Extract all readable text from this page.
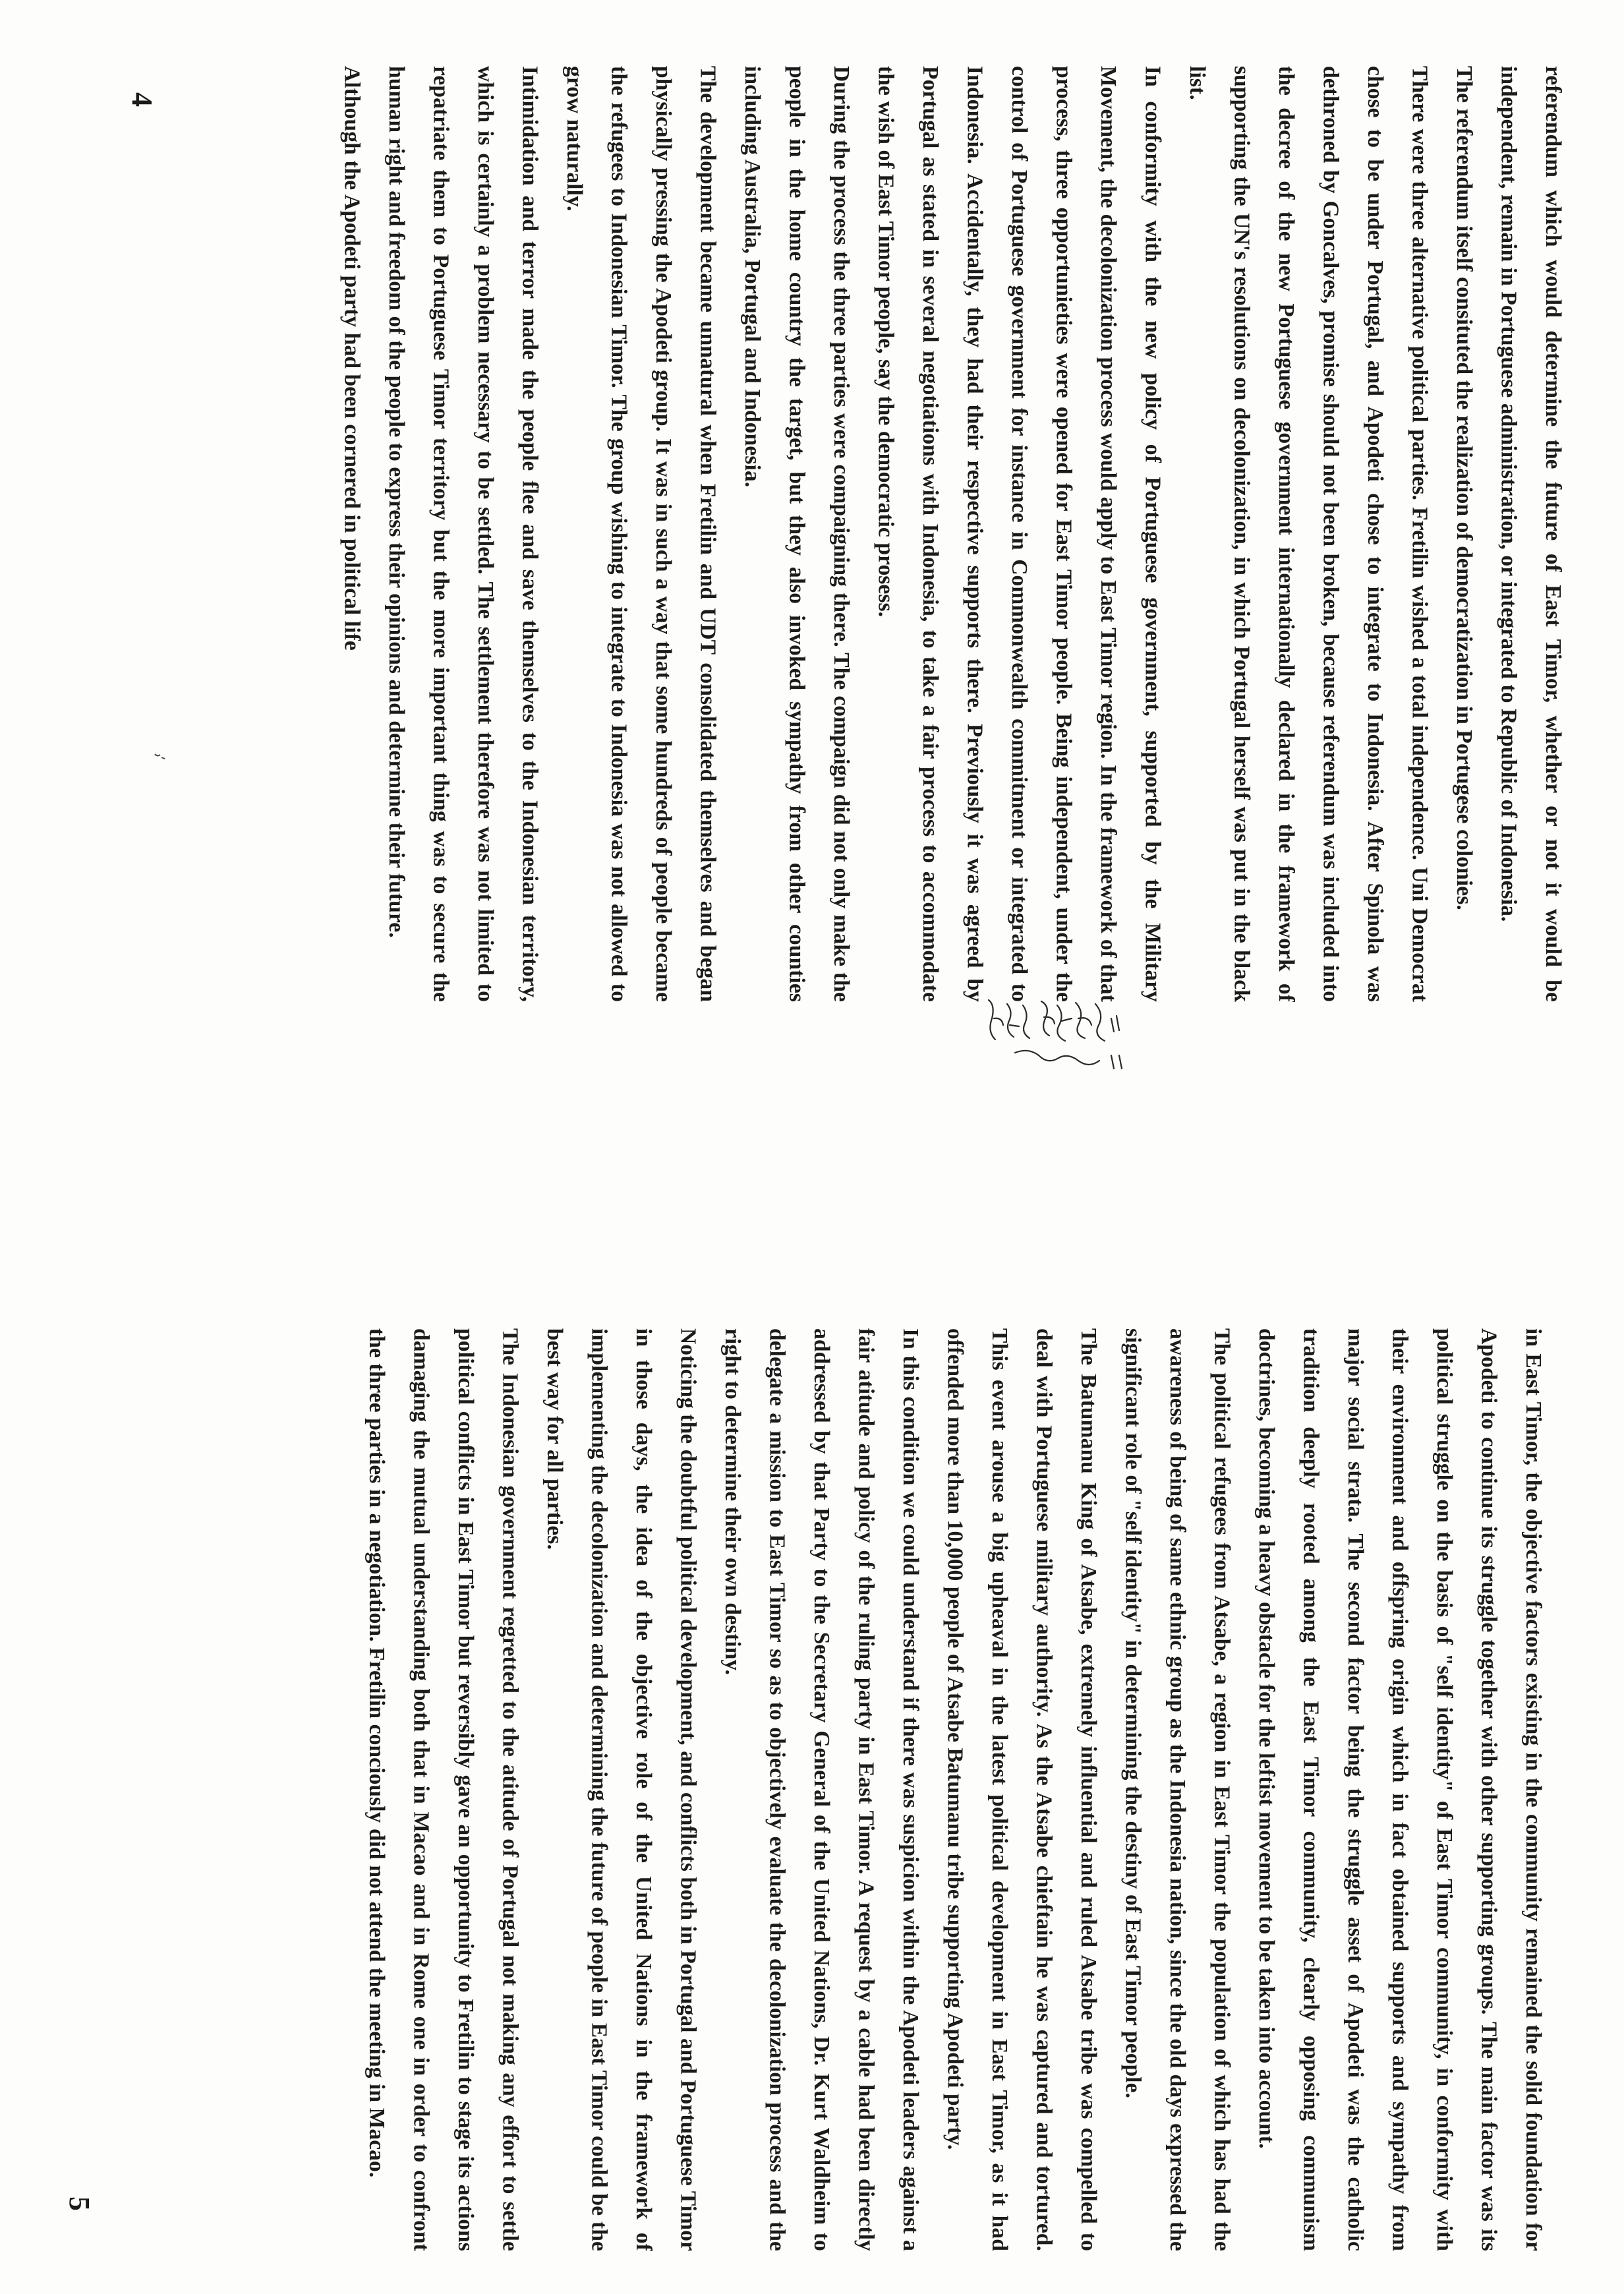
referendum which would determine the future of East Timor, whether or not it would be independent, remain in Portuguese administration, or integrated to Republic of Indonesia.

The referendum itself consituted the realization of democratization in Portugese colonies.

There were three alternative political parties. Fretilin wished a total independence. Uni Democrat chose to be under Portugal, and Apodeti chose to integrate to Indonesia. After Spinola was dethroned by Goncalves, promise should not been broken, because referendum was included into the decree of the new Portuguese government internationally declared in the framework of supporting the UN's resolutions on decolonization, in which Portugal herself was put in the black list.

In conformity with the new policy of Portuguese government, supported by the Military Movement, the decolonization process would apply to East Timor region. In the framework of that process, three opportunieties were opened for East Timor people. Being independent, under the control of Portuguese government for instance in Commonwealth commitment or integrated to Indonesia. Accidentally, they had their respective supports there. Previously it was agreed by Portugal as stated in several negotiations with Indonesia, to take a fair process to accommodate the wish of East Timor people, say the democratic prosess.

During the process the three parties were compaigning there. The compaign did not only make the people in the home country the target, but they also invoked sympathy from other counties including Australia, Portugal and Indonesia.

The development became unnatural when Fretilin and UDT consolidated themselves and began physically pressing the Apodeti group. It was in such a way that some hundreds of people became the refugees to Indonesian Timor. The group wishing to integrate to Indonesia was not allowed to grow naturally.

Intimidation and terror made the people flee and save themselves to the Indonesian territory, which is certainly a problem necessary to be settled. The settlement therefore was not limited to repatriate them to Portuguese Timor territory but the more important thing was to secure the human right and freedom of the people to express their opinions and determine their future.

Although the Apodeti party had been cornered in political life

4

in East Timor, the objective factors existing in the community remained the solid foundation for Apodeti to continue its struggle together with other supporting groups. The main factor was its political struggle on the basis of "self identity" of East Timor community, in conformity with their environment and offspring origin which in fact obtained supports and sympathy from major social strata. The second factor being the struggle asset of Apodeti was the catholic tradition deeply rooted among the East Timor community, clearly opposing communism doctrines, becoming a heavy obstacle for the leftist movement to be taken into account.

The political refugees from Atsabe, a region in East Timor the population of which has had the awareness of being of same ethnic group as the Indonesia nation, since the old days expressed the significant role of "self identity" in determining the destiny of East Timor people.

The Batumanu King of Atsabe, extremely influential and ruled Atsabe tribe was compelled to deal with Portuguese military authority. As the Atsabe chieftain he was captured and tortured. This event arouse a big upheaval in the latest political development in East Timor, as it had offended more than 10,000 people of Atsabe Batumanu tribe supporting Apodeti party.

In this condition we could understand if there was suspicion within the Apodeti leaders against a fair atitude and policy of the ruling party in East Timor. A request by a cable had been directly addressed by that Party to the Secretary General of the United Nations, Dr. Kurt Waldheim to delegate a mission to East Timor so as to objectively evaluate the decolonization process and the right to determine their own destiny.

Noticing the doubtful political development, and conflicts both in Portugal and Portuguese Timor in those days, the idea of the objective role of the United Nations in the framework of implementing the decolonization and determining the future of people in East Timor could be the best way for all parties.

The Indonesian government regretted to the atitude of Portugal not making any effort to settle political conflicts in East Timor but reversibly gave an opportunity to Fretilin to stage its actions damaging the mutual understanding both that in Macao and in Rome one in order to confront the three parties in a negotiation. Fretilin conciously did not attend the meeting in Macao.

5
